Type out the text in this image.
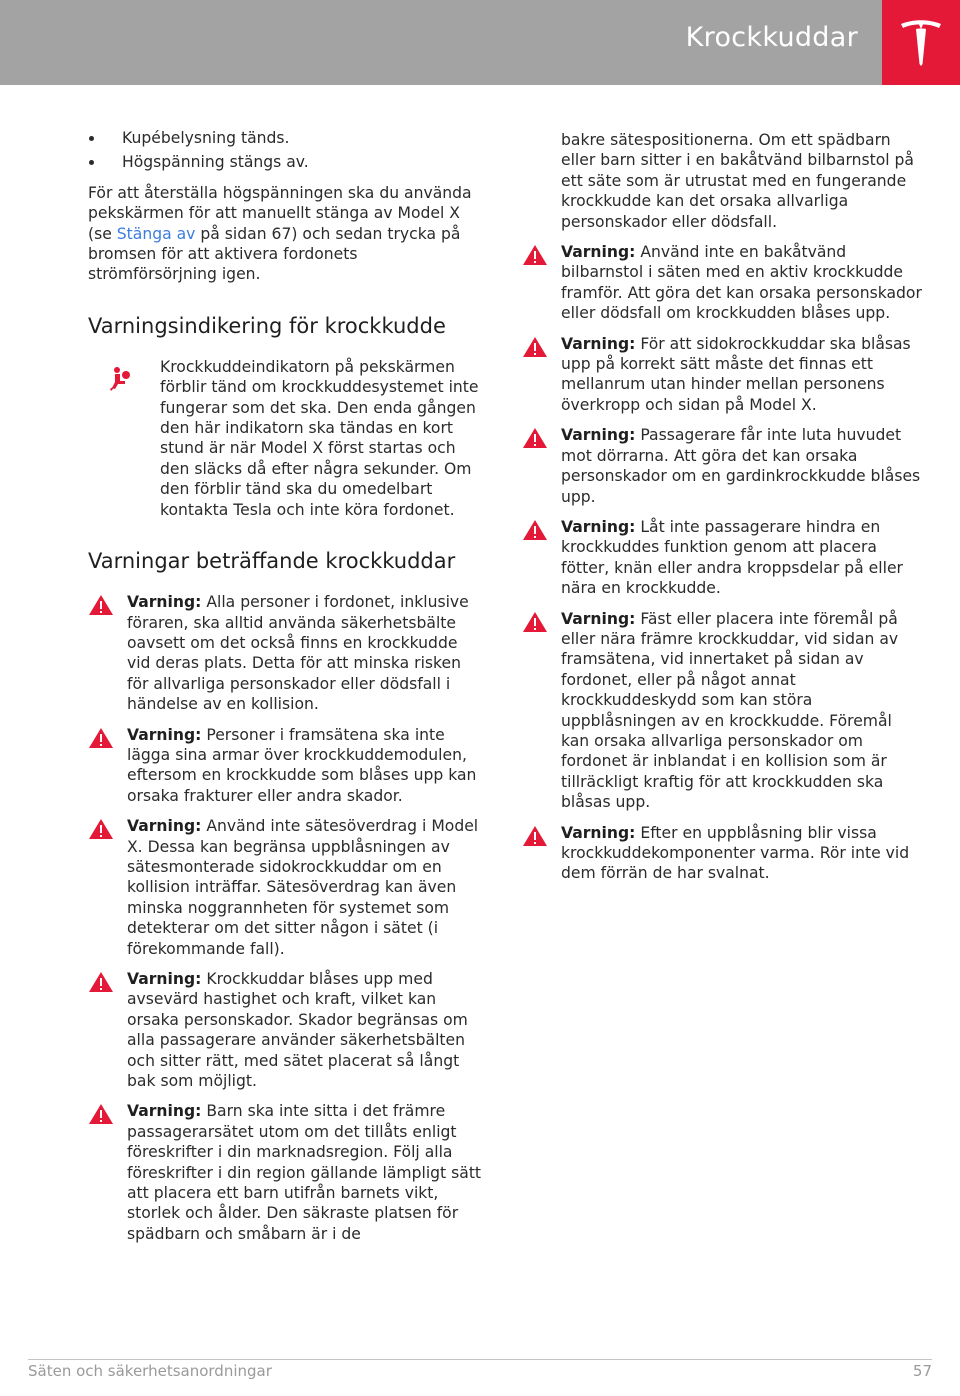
Krockkuddar
Kupébelysning tänds.
Högspänning stängs av.

För att återställa högspänningen ska du använda pekskärmen för att manuellt stänga av Model X (se Stänga av på sidan 67) och sedan trycka på bromsen för att aktivera fordonets strömförsörjning igen.

Varningsindikering för krockkudde
Krockkuddeindikatorn på pekskärmen förblir tänd om krockkuddesystemet inte fungerar som det ska. Den enda gången den här indikatorn ska tändas en kort stund är när Model X först startas och den släcks då efter några sekunder. Om den förblir tänd ska du omedelbart kontakta Tesla och inte köra fordonet.
Varningar beträffande krockkuddar
Varning: Alla personer i fordonet, inklusive föraren, ska alltid använda säkerhetsbälte oavsett om det också finns en krockkudde vid deras plats. Detta för att minska risken för allvarliga personskador eller dödsfall i händelse av en kollision.
Varning: Personer i framsätena ska inte lägga sina armar över krockkuddemodulen, eftersom en krockkudde som blåses upp kan orsaka frakturer eller andra skador.
Varning: Använd inte sätesöverdrag i Model X. Dessa kan begränsa uppblåsningen av sätesmonterade sidokrockkuddar om en kollision inträffar. Sätesöverdrag kan även minska noggrannheten för systemet som detekterar om det sitter någon i sätet (i förekommande fall).
Varning: Krockkuddar blåses upp med avsevärd hastighet och kraft, vilket kan orsaka personskador. Skador begränsas om alla passagerare använder säkerhetsbälten och sitter rätt, med sätet placerat så långt bak som möjligt.
Varning: Barn ska inte sitta i det främre passagerarsätet utom om det tillåts enligt föreskrifter i din marknadsregion. Följ alla föreskrifter i din region gällande lämpligt sätt att placera ett barn utifrån barnets vikt, storlek och ålder. Den säkraste platsen för spädbarn och småbarn är i de
bakre sätespositionerna. Om ett spädbarn eller barn sitter i en bakåtvänd bilbarnstol på ett säte som är utrustat med en fungerande krockkudde kan det orsaka allvarliga personskador eller dödsfall.
Varning: Använd inte en bakåtvänd bilbarnstol i säten med en aktiv krockkudde framför. Att göra det kan orsaka personskador eller dödsfall om krockkudden blåses upp.
Varning: För att sidokrockkuddar ska blåsas upp på korrekt sätt måste det finnas ett mellanrum utan hinder mellan personens överkropp och sidan på Model X.
Varning: Passagerare får inte luta huvudet mot dörrarna. Att göra det kan orsaka personskador om en gardinkrockkudde blåses upp.
Varning: Låt inte passagerare hindra en krockkuddes funktion genom att placera fötter, knän eller andra kroppsdelar på eller nära en krockkudde.
Varning: Fäst eller placera inte föremål på eller nära främre krockkuddar, vid sidan av framsätena, vid innertaket på sidan av fordonet, eller på något annat krockkuddeskydd som kan störa uppblåsningen av en krockkudde. Föremål kan orsaka allvarliga personskador om fordonet är inblandat i en kollision som är tillräckligt kraftig för att krockkudden ska blåsas upp.
Varning: Efter en uppblåsning blir vissa krockkuddekomponenter varma. Rör inte vid dem förrän de har svalnat.
Säten och säkerhetsanordningar	57
